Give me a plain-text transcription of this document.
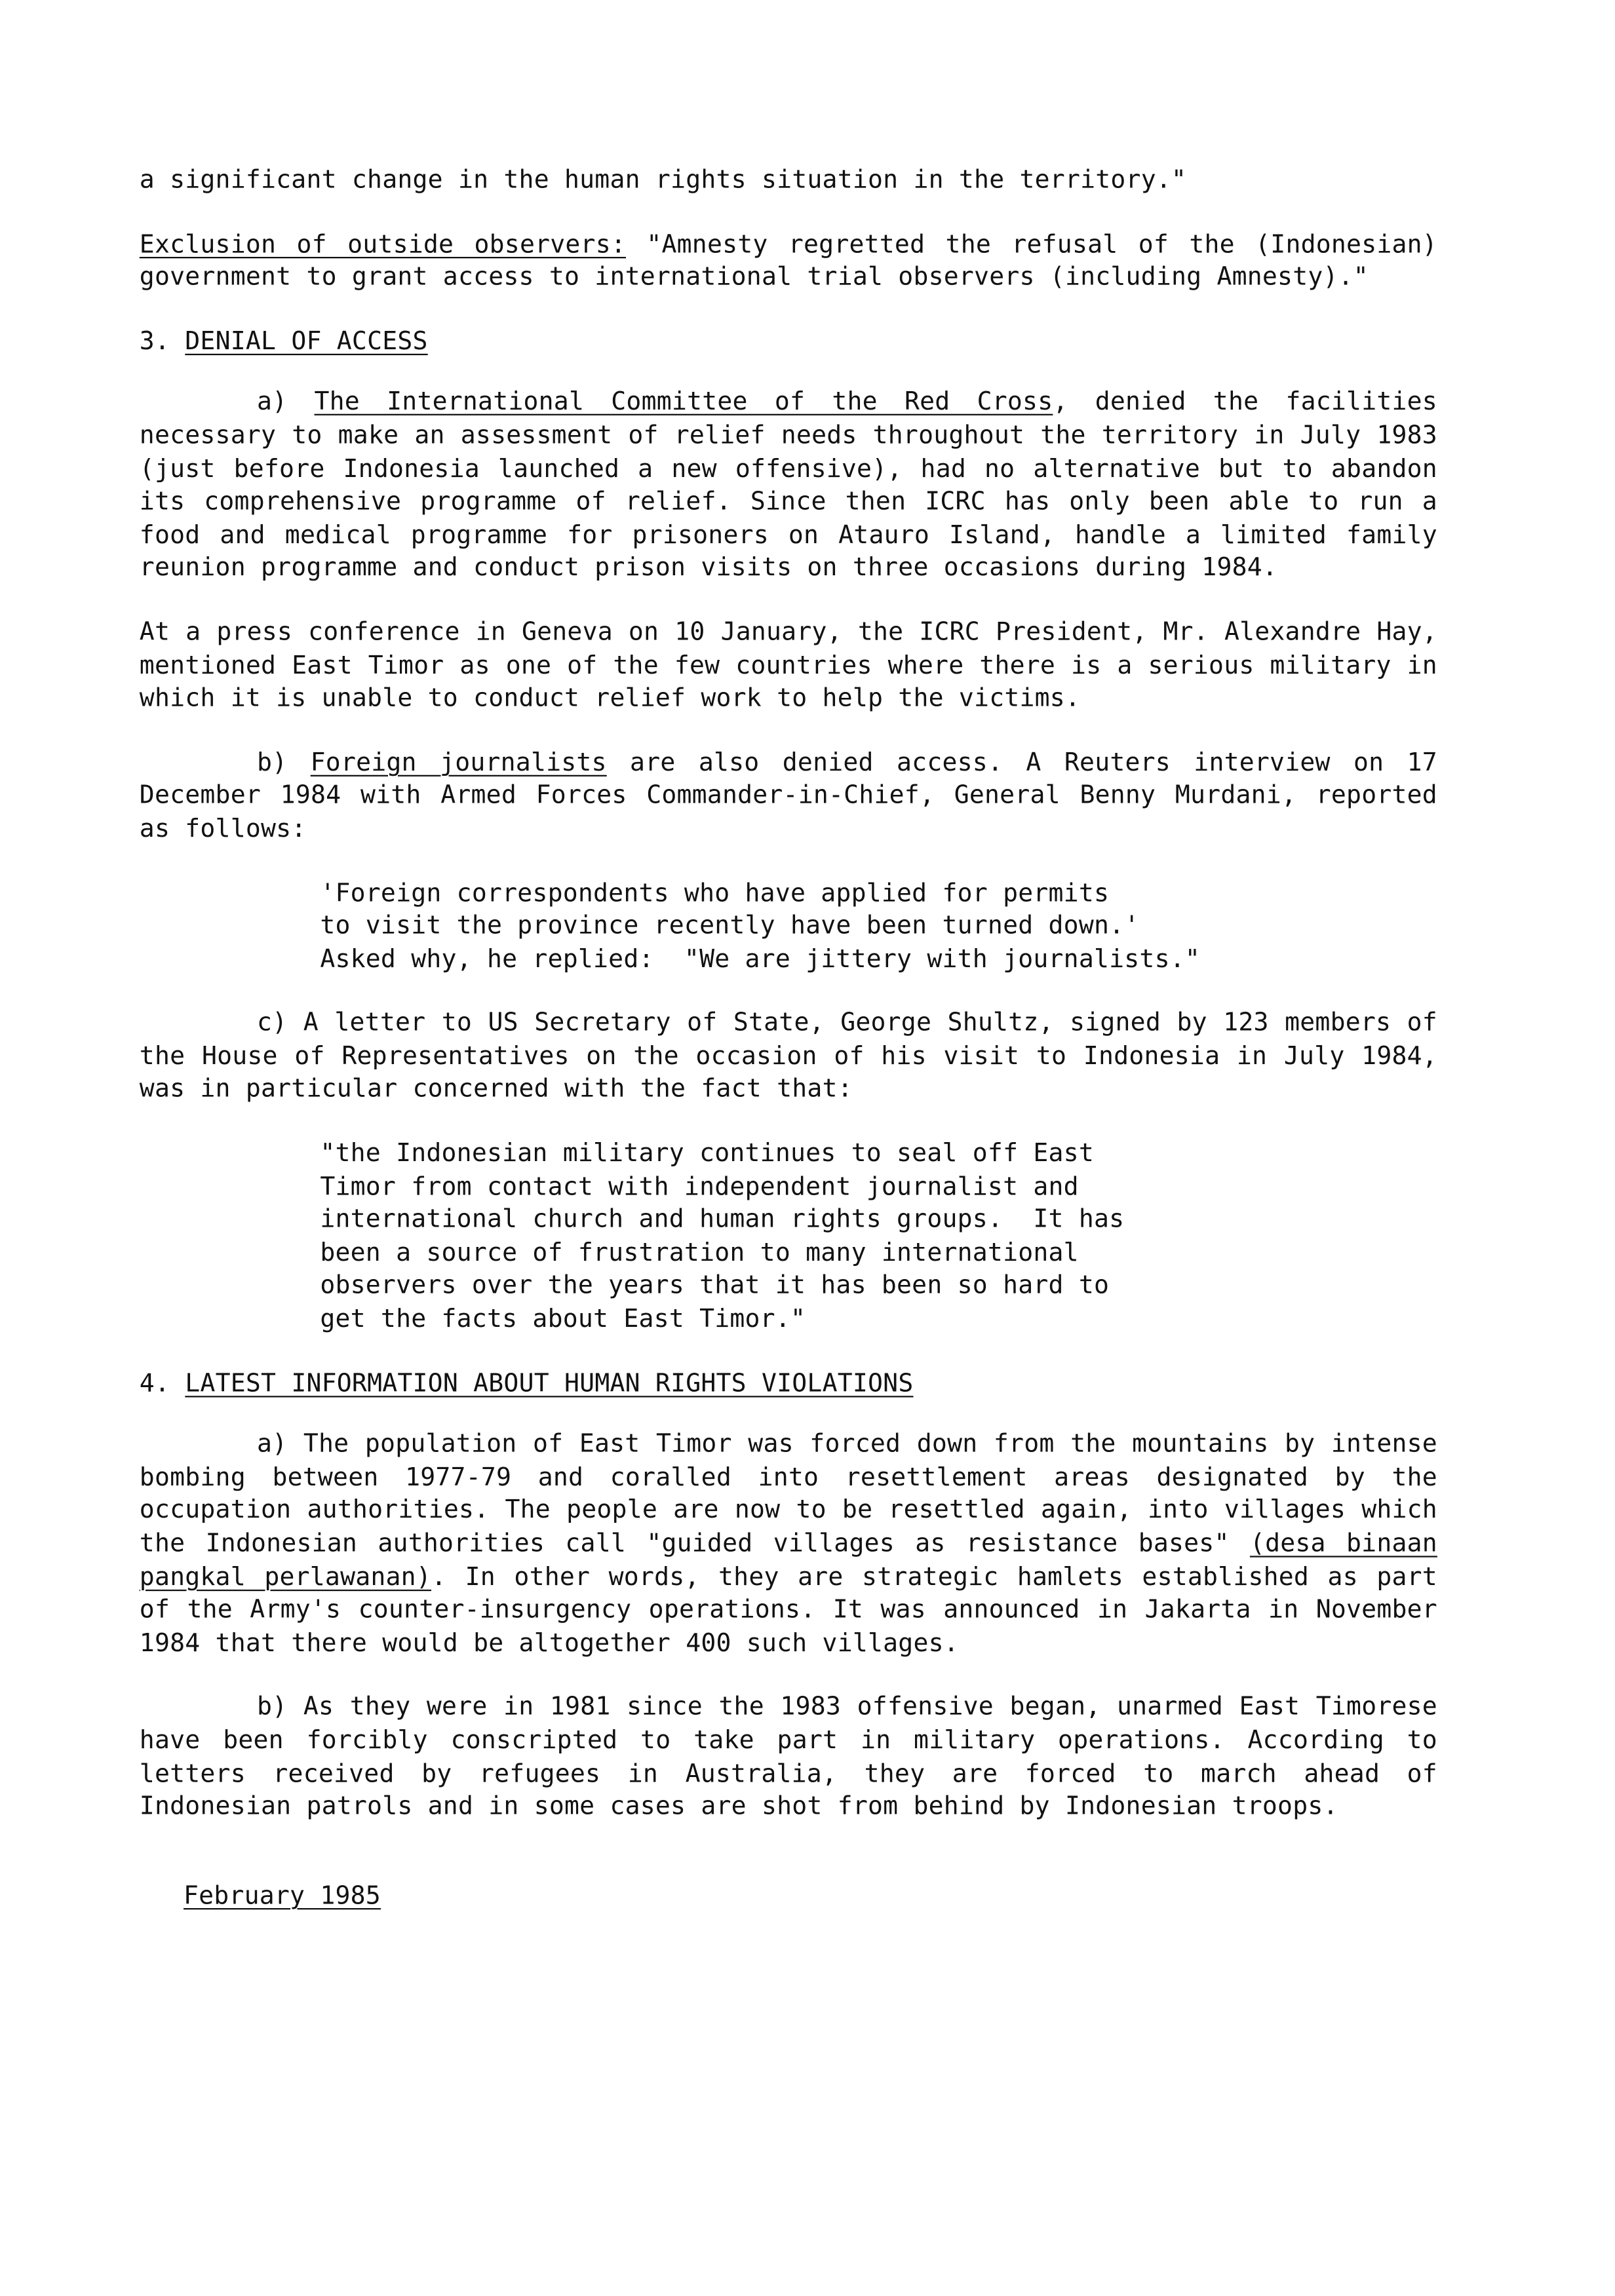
a significant change in the human rights situation in the territory."

Exclusion of outside observers: "Amnesty regretted the refusal of the (Indonesian) government to grant access to international trial observers (including Amnesty)."

3. DENIAL OF ACCESS

a) The International Committee of the Red Cross, denied the facilities necessary to make an assessment of relief needs throughout the territory in July 1983 (just before Indonesia launched a new offensive), had no alternative but to abandon its comprehensive programme of relief. Since then ICRC has only been able to run a food and medical programme for prisoners on Atauro Island, handle a limited family reunion programme and conduct prison visits on three occasions during 1984.

At a press conference in Geneva on 10 January, the ICRC President, Mr. Alexandre Hay, mentioned East Timor as one of the few countries where there is a serious military in which it is unable to conduct relief work to help the victims.

b) Foreign journalists are also denied access. A Reuters interview on 17 December 1984 with Armed Forces Commander-in-Chief, General Benny Murdani, reported as follows:

'Foreign correspondents who have applied for permits
to visit the province recently have been turned down.'
Asked why, he replied:  "We are jittery with journalists."

c) A letter to US Secretary of State, George Shultz, signed by 123 members of the House of Representatives on the occasion of his visit to Indonesia in July 1984, was in particular concerned with the fact that:

"the Indonesian military continues to seal off East
Timor from contact with independent journalist and
international church and human rights groups.  It has
been a source of frustration to many international
observers over the years that it has been so hard to
get the facts about East Timor."

4. LATEST INFORMATION ABOUT HUMAN RIGHTS VIOLATIONS

a) The population of East Timor was forced down from the mountains by intense bombing between 1977-79 and coralled into resettlement areas designated by the occupation authorities. The people are now to be resettled again, into villages which the Indonesian authorities call "guided villages as resistance bases" (desa binaan pangkal perlawanan). In other words, they are strategic hamlets established as part of the Army's counter-insurgency operations. It was announced in Jakarta in November 1984 that there would be altogether 400 such villages.

b) As they were in 1981 since the 1983 offensive began, unarmed East Timorese have been forcibly conscripted to take part in military operations. According to letters received by refugees in Australia, they are forced to march ahead of Indonesian patrols and in some cases are shot from behind by Indonesian troops.

February 1985
